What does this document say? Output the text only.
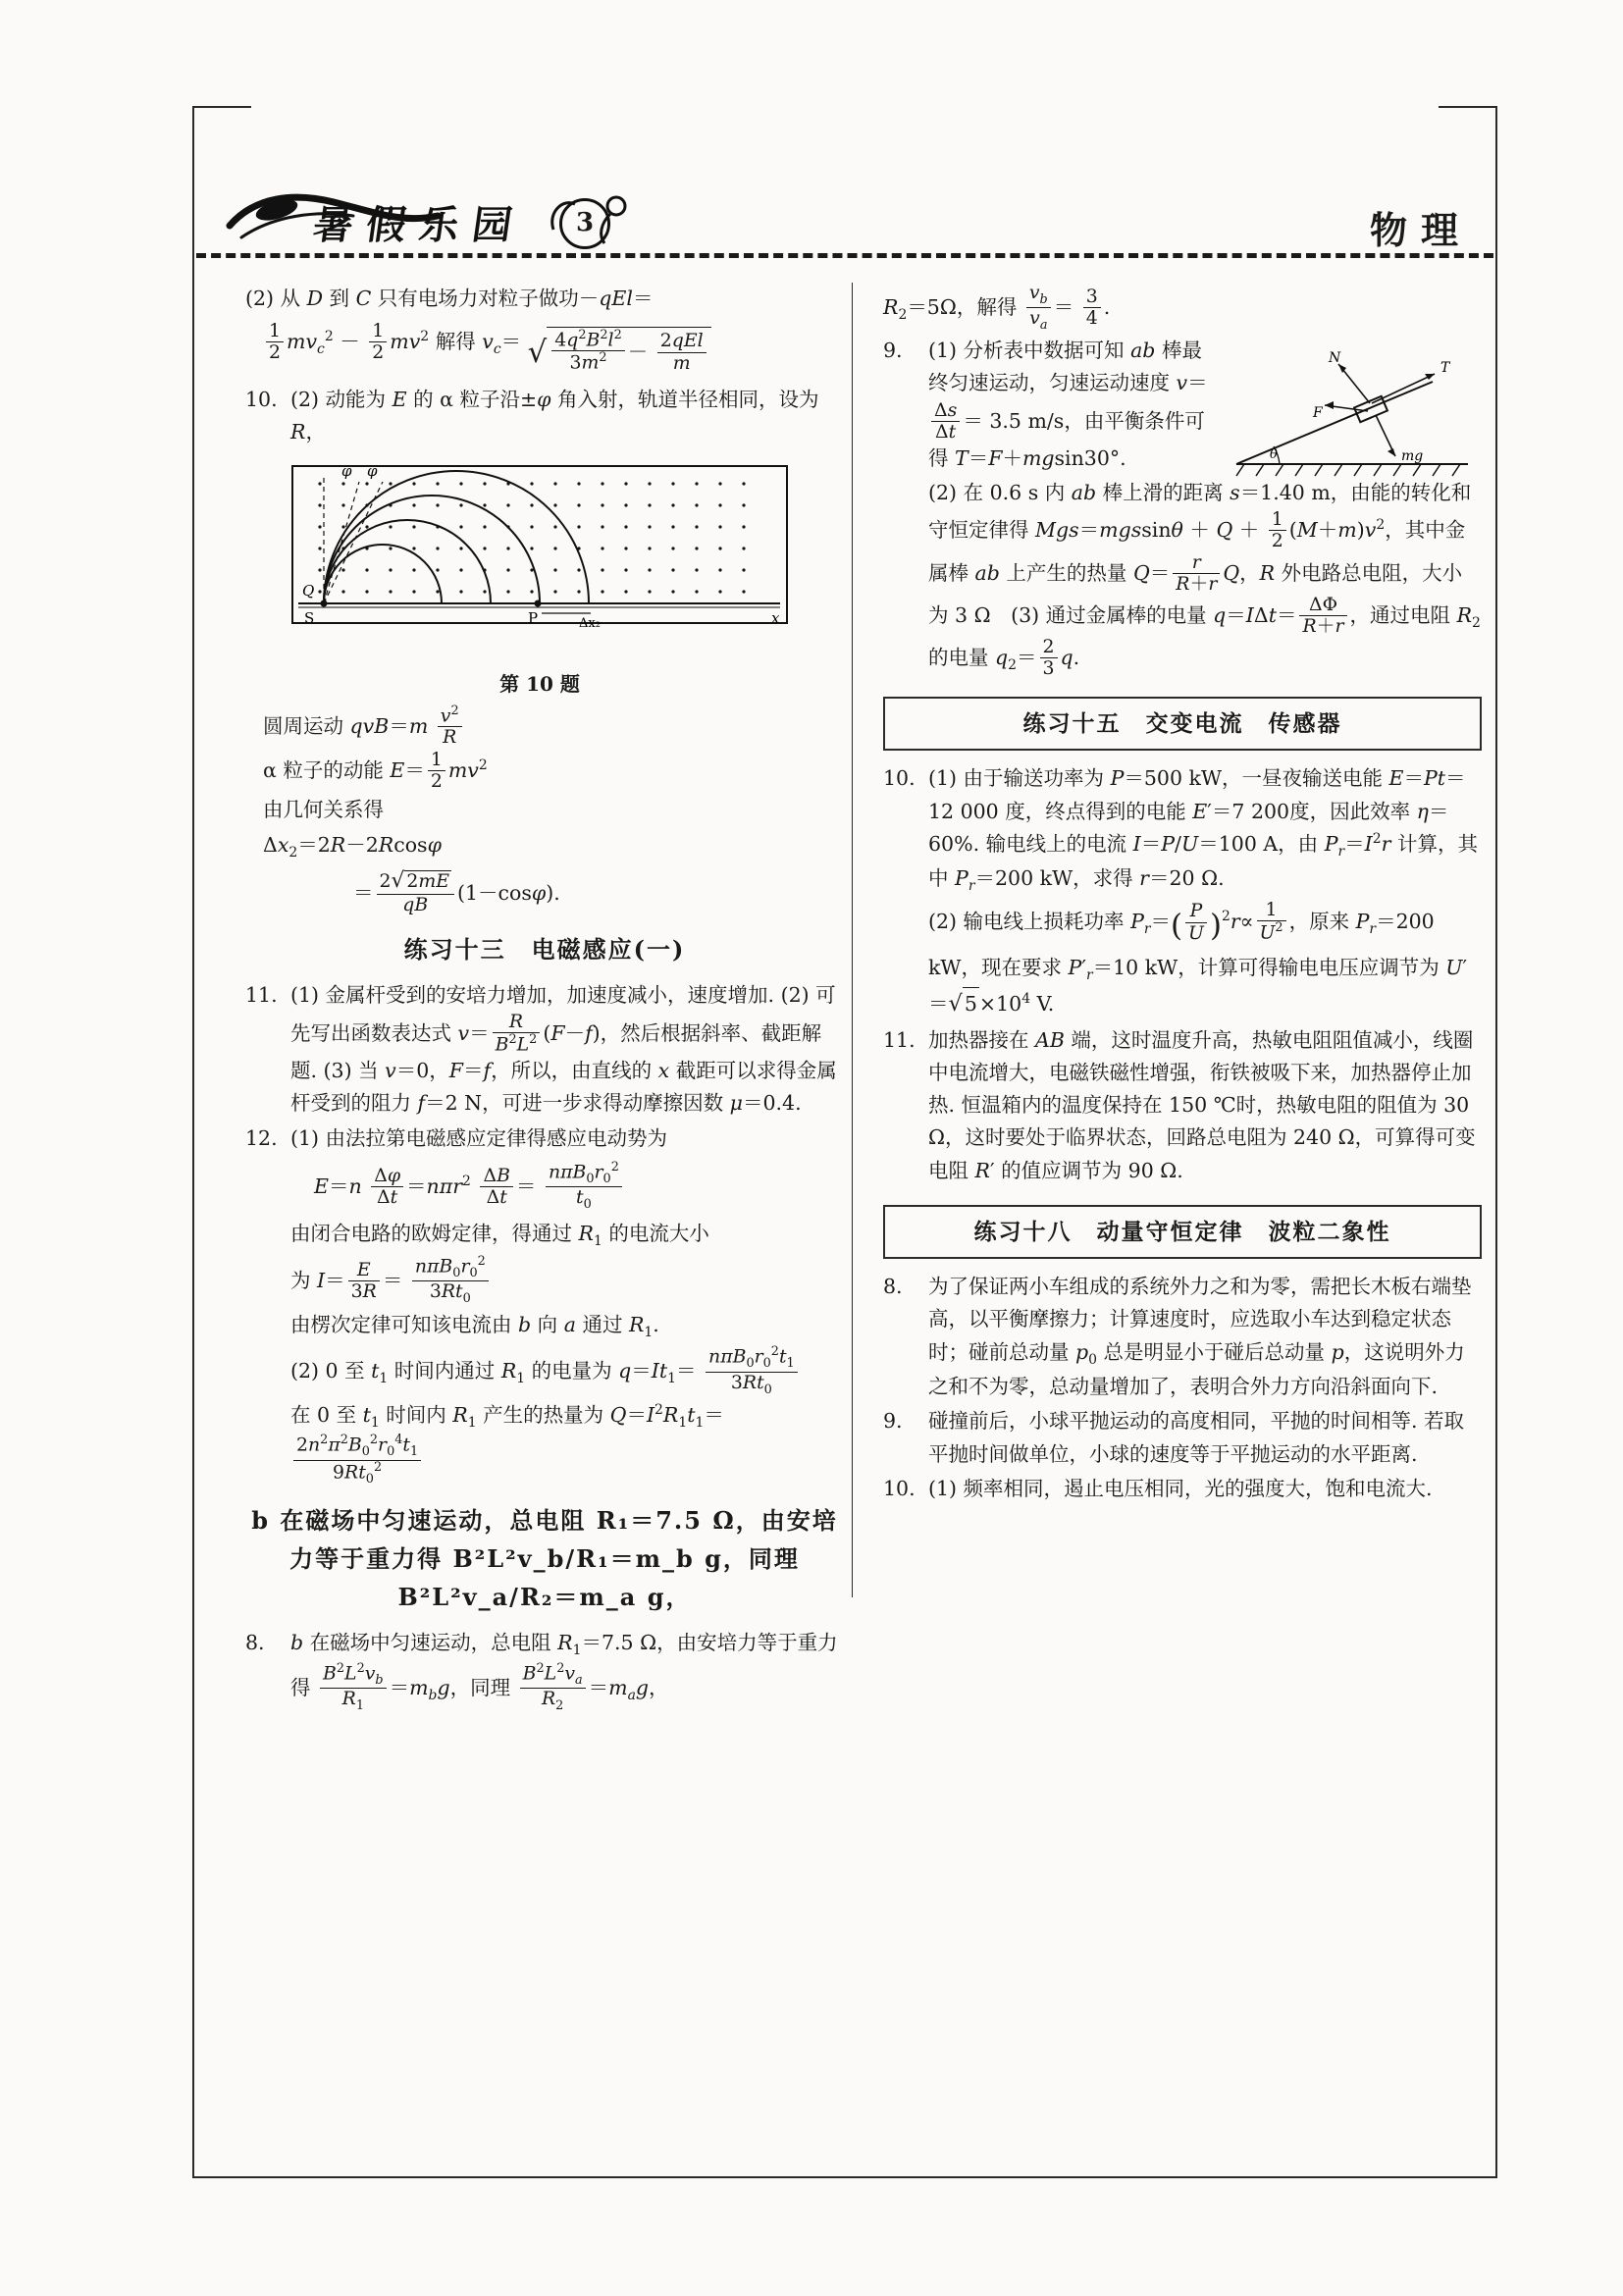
暑假乐园	3	物理

(2) 从 D 到 C 只有电场力对粒子做功－qEl＝

$\frac{1}{2} mv_c^2 - \frac{1}{2} mv^2$ 解得 $v_c=$ √ $\frac{4q^2B^2l^2}{3m^2} - \frac{\text{2qEl}}{m}$

10. (2) 动能为 E 的 α 粒子沿±φ 角入射，轨道半径相同，设为 R，

φ φ
Q
S	P	Δx₂	x
第 10 题

圆周运动 $qvB=m \frac{v^2}{R}$

α 粒子的动能 $E= \frac{1}{2} mv^2$

由几何关系得

$\Delta x_2=2R-2Rcos\varphi$

＝ $\frac{2√ 2mE}{qB} (1-\cos\varphi)$.

练习十三　电磁感应(一)

11. (1) 金属杆受到的安培力增加，加速度减小，速度增加. (2) 可先写出函数表达式 $v= \frac{R}{B^2L^2} (F-f)$，然后根据斜率、截距解题. (3) 当 v＝0，F＝f，所以，由直线的 x 截距可以求得金属杆受到的阻力 f＝2 N，可进一步求得动摩擦因数 μ＝0.4.

12. (1) 由法拉第电磁感应定律得感应电动势为

$E=n \frac{\Delta\varphi}{\Delta t} =n\pi r^2 \frac{\Delta B}{\Delta t} = \frac{n\pi B_0r_0^2}{t_0}$

由闭合电路的欧姆定律，得通过 $R_1$ 的电流大小

为 $I= \frac{E}{3R} = \frac{n\pi B_0r_0^2}{3Rt_0}$

由楞次定律可知该电流由 b 向 a 通过 $R_1$.

(2) 0 至 $t_1$ 时间内通过 $R_1$ 的电量为 $q=It_1= \frac{n\pi B_0r_0^2t_1}{3Rt_0}$

在 0 至 $t_1$ 时间内 $R_1$ 产生的热量为 $Q=I^2R_1t_1=$
$\frac{2n^2\pi^2B_0^2r_0^4t_1}{9Rt_0^2}$

b 在磁场中匀速运动，总电阻 R₁＝7.5 Ω，由安培力等于重力得 B²L²v_b/R₁＝m_b g，同理 B²L²v_a/R₂＝m_a g，

8.	b 在磁场中匀速运动，总电阻 $R_1=7.5$ Ω，由安培力等于重力得 $\frac{B^2L^2v_b}{R_1} =m_bg$，同理 $\frac{B^2L^2v_a}{R_2} =m_ag$，

$R_2=5\Omega$，解得 $\frac{v_b}{v_a} = \frac{3}{4}$ .

N
T
F
mg
θ

9.	(1) 分析表中数据可知 ab 棒最终匀速运动，匀速运动速度 v＝
$\frac{\Delta s}{\Delta t} = 3.5$ m/s，由平衡条件可得 T＝F＋mgsin30°.

(2) 在 0.6 s 内 ab 棒上滑的距离 s＝1.40 m，由能的转化和守恒定律得 $Mgs=mgssin\theta + Q + \frac{1}{2} (M+m)v^2$，其中金属棒 ab 上产生的热量 $Q= \frac{r}{R+r}$ Q，R 外电路总电阻，大小为 3 Ω　(3) 通过金属棒的电量 $q=I\Delta t= \frac{\Delta\Phi}{R+r}$ ，通过电阻 $R_2$ 的电量 $q_2= \frac{2}{3} q$.

练习十五　交变电流　传感器

10. (1) 由于输送功率为 P＝500 kW，一昼夜输送电能 E＝Pt＝12 000 度，终点得到的电能 E′＝7 200度，因此效率 η＝60%. 输电线上的电流 I＝P/U＝100 A，由 $P_r=I^2r$ 计算，其中 $P_r=200$ kW，求得 r＝20 Ω.

(2) 输电线上损耗功率 $P_r=( \frac{P}{U} )^2r\propto \frac{1}{U^2}$ ，原来 $P_r=200$ kW，现在要求 $P'_r=10$ kW，计算可得输电电压应调节为 $U'=√5\times 10^4$ V.

11. 加热器接在 AB 端，这时温度升高，热敏电阻阻值减小，线圈中电流增大，电磁铁磁性增强，衔铁被吸下来，加热器停止加热. 恒温箱内的温度保持在 150 ℃时，热敏电阻的阻值为 30 Ω，这时要处于临界状态，回路总电阻为 240 Ω，可算得可变电阻 R′ 的值应调节为 90 Ω.

练习十八　动量守恒定律　波粒二象性

8.	为了保证两小车组成的系统外力之和为零，需把长木板右端垫高，以平衡摩擦力；计算速度时，应选取小车达到稳定状态时；碰前总动量 $p_0$ 总是明显小于碰后总动量 p，这说明外力之和不为零，总动量增加了，表明合外力方向沿斜面向下.

9.	碰撞前后，小球平抛运动的高度相同，平抛的时间相等. 若取平抛时间做单位，小球的速度等于平抛运动的水平距离.

10. (1) 频率相同，遏止电压相同，光的强度大，饱和电流大.
